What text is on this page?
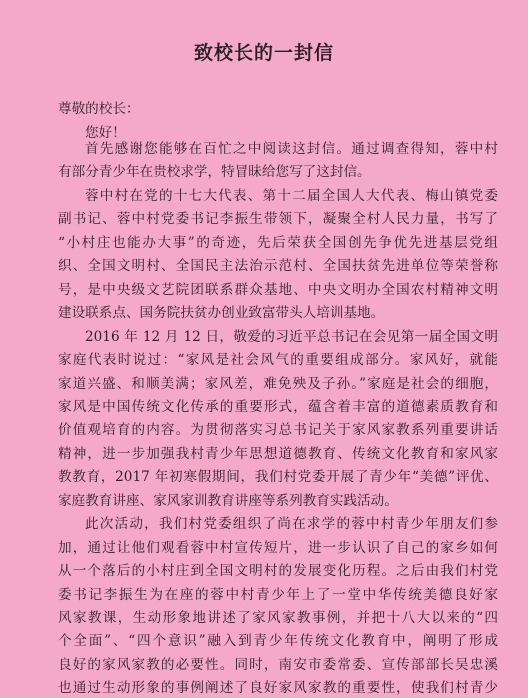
致校长的一封信
尊敬的校长：
您好！
首先感谢您能够在百忙之中阅读这封信。通过调查得知，蓉中村
有部分青少年在贵校求学，特冒昧给您写了这封信。
蓉中村在党的十七大代表、第十二届全国人大代表、梅山镇党委
副书记、蓉中村党委书记李振生带领下，凝聚全村人民力量，书写了
“小村庄也能办大事”的奇迹，先后荣获全国创先争优先进基层党组
织、全国文明村、全国民主法治示范村、全国扶贫先进单位等荣誉称
号，是中央级文艺院团联系群众基地、中央文明办全国农村精神文明
建设联系点、国务院扶贫办创业致富带头人培训基地。
2016 年 12 月 12 日，敬爱的习近平总书记在会见第一届全国文明
家庭代表时说过：“家风是社会风气的重要组成部分。家风好，就能
家道兴盛、和顺美满；家风差，难免殃及子孙。”家庭是社会的细胞，
家风是中国传统文化传承的重要形式，蕴含着丰富的道德素质教育和
价值观培育的内容。为贯彻落实习总书记关于家风家教系列重要讲话
精神，进一步加强我村青少年思想道德教育、传统文化教育和家风家
教教育，2017 年初寒假期间，我们村党委开展了青少年“美德”评优、
家庭教育讲座、家风家训教育讲座等系列教育实践活动。
此次活动，我们村党委组织了尚在求学的蓉中村青少年朋友们参
加，通过让他们观看蓉中村宣传短片，进一步认识了自己的家乡如何
从一个落后的小村庄到全国文明村的发展变化历程。之后由我们村党
委书记李振生为在座的蓉中村青少年上了一堂中华传统美德良好家
风家教课，生动形象地讲述了家风家教事例，并把十八大以来的“四
个全面”、“四个意识”融入到青少年传统文化教育中，阐明了形成
良好的家风家教的必要性。同时，南安市委常委、宣传部部长吴忠溪
也通过生动形象的事例阐述了良好家风家教的重要性，使我们村青少
